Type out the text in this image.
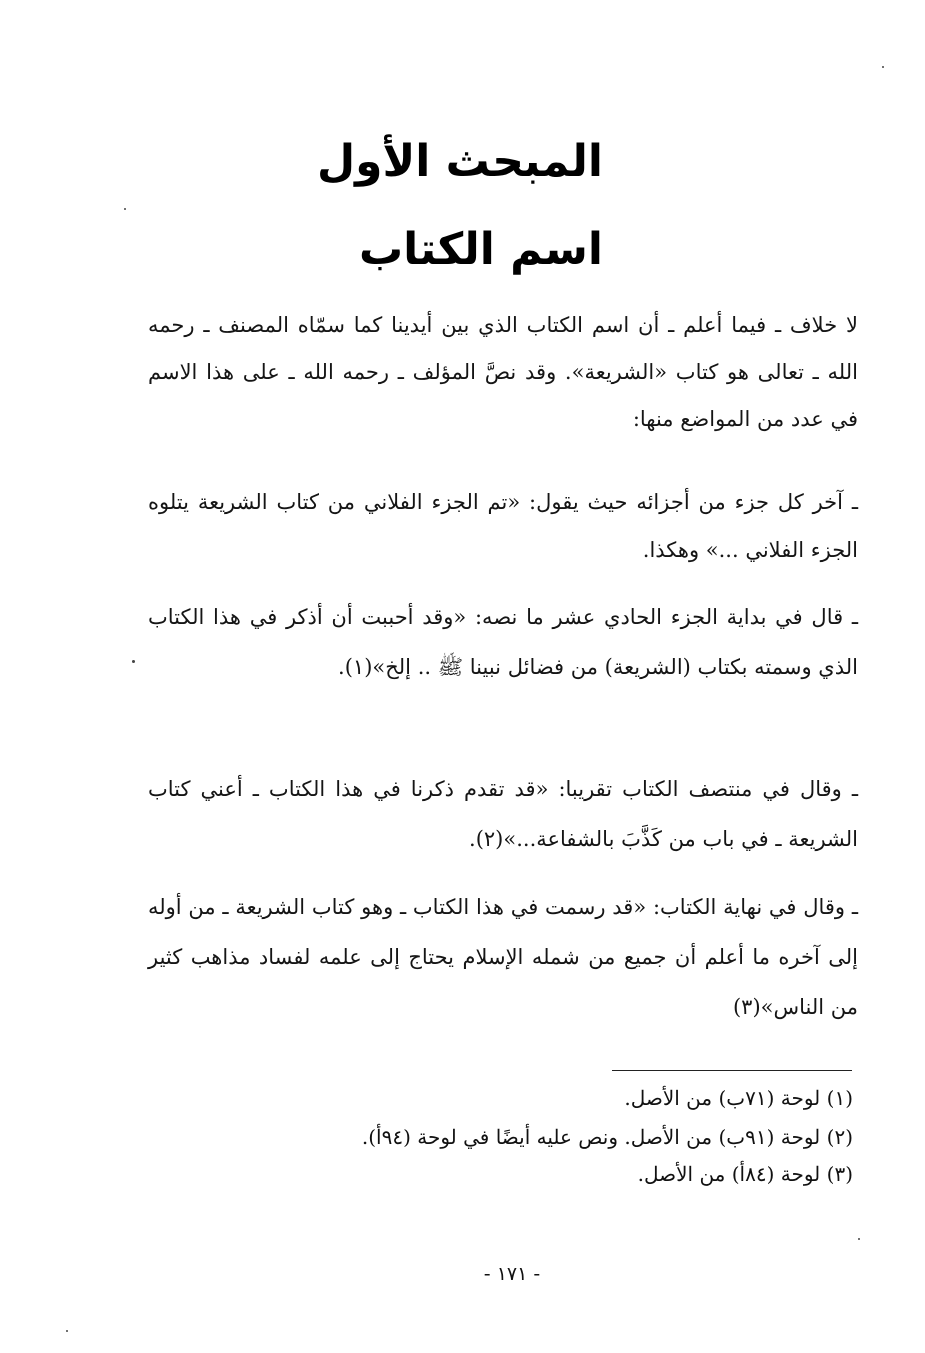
المبحث الأول
اسم الكتاب

لا خلاف ـ فيما أعلم ـ أن اسم الكتاب الذي بين أيدينا كما سمّاه المصنف ـ رحمه الله ـ تعالى هو كتاب «الشريعة». وقد نصَّ المؤلف ـ رحمه الله ـ على هذا الاسم في عدد من المواضع منها:

ـ آخر كل جزء من أجزائه حيث يقول: «تم الجزء الفلاني من كتاب الشريعة يتلوه الجزء الفلاني ...» وهكذا.

ـ قال في بداية الجزء الحادي عشر ما نصه: «وقد أحببت أن أذكر في هذا الكتاب الذي وسمته بكتاب (الشريعة) من فضائل نبينا ﷺ .. إلخ»(١).

ـ وقال في منتصف الكتاب تقريبا: «قد تقدم ذكرنا في هذا الكتاب ـ أعني كتاب الشريعة ـ في باب من كَذَّبَ بالشفاعة...»(٢).

ـ وقال في نهاية الكتاب: «قد رسمت في هذا الكتاب ـ وهو كتاب الشريعة ـ من أوله إلى آخره ما أعلم أن جميع من شمله الإسلام يحتاج إلى علمه لفساد مذاهب كثير من الناس»(٣)

(١) لوحة (٧١ب) من الأصل.
(٢) لوحة (٩١ب) من الأصل. ونص عليه أيضًا في لوحة (٩٤أ).
(٣) لوحة (٨٤أ) من الأصل.
- ١٧١ -
